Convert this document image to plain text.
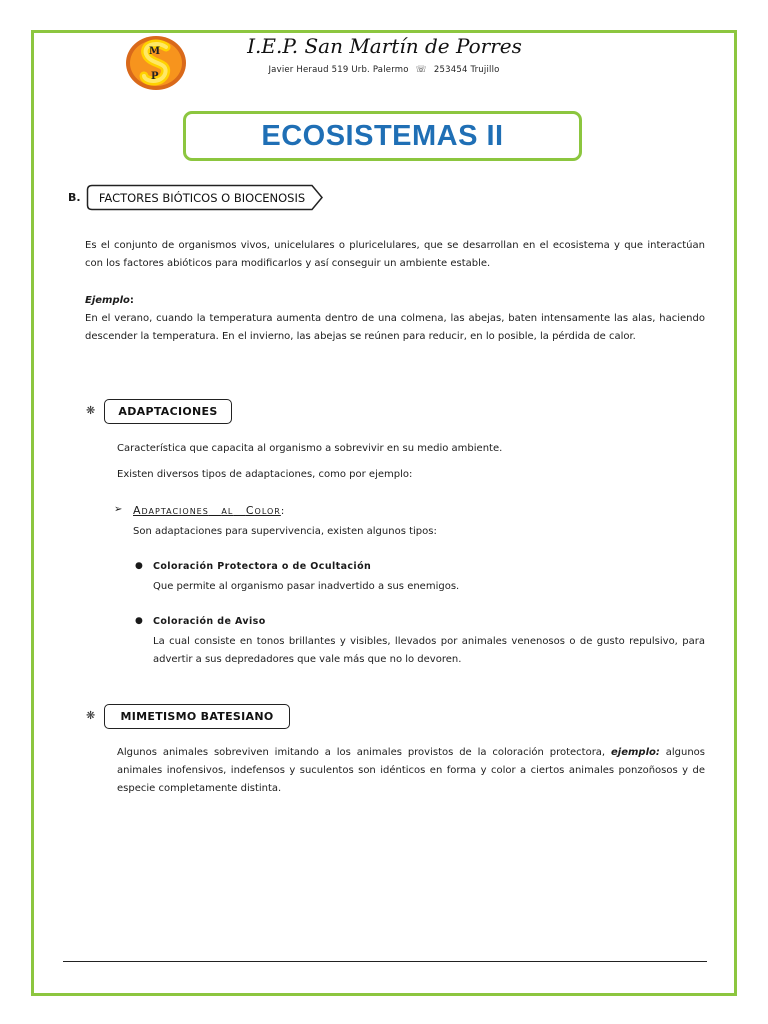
M
P
I.E.P. San Martín de Porres
Javier Heraud 519 Urb. Palermo ☏ 253454 Trujillo
ECOSISTEMAS II
B.	FACTORES BIÓTICOS O BIOCENOSIS
Es el conjunto de organismos vivos, unicelulares o pluricelulares, que se desarrollan en el ecosistema y que interactúan con los factores abióticos para modificarlos y así conseguir un ambiente estable.
Ejemplo:
En el verano, cuando la temperatura aumenta dentro de una colmena, las abejas, baten intensamente las alas, haciendo descender la temperatura. En el invierno, las abejas se reúnen para reducir, en lo posible, la pérdida de calor.
❋	ADAPTACIONES
Característica que capacita al organismo a sobrevivir en su medio ambiente.
Existen diversos tipos de adaptaciones, como por ejemplo:
➢ ADAPTACIONES AL COLOR:
Son adaptaciones para supervivencia, existen algunos tipos:
● Coloración Protectora o de Ocultación
Que permite al organismo pasar inadvertido a sus enemigos.
● Coloración de Aviso
La cual consiste en tonos brillantes y visibles, llevados por animales venenosos o de gusto repulsivo, para advertir a sus depredadores que vale más que no lo devoren.
❋	MIMETISMO BATESIANO
Algunos animales sobreviven imitando a los animales provistos de la coloración protectora, ejemplo: algunos animales inofensivos, indefensos y suculentos son idénticos en forma y color a ciertos animales ponzoñosos y de especie completamente distinta.
